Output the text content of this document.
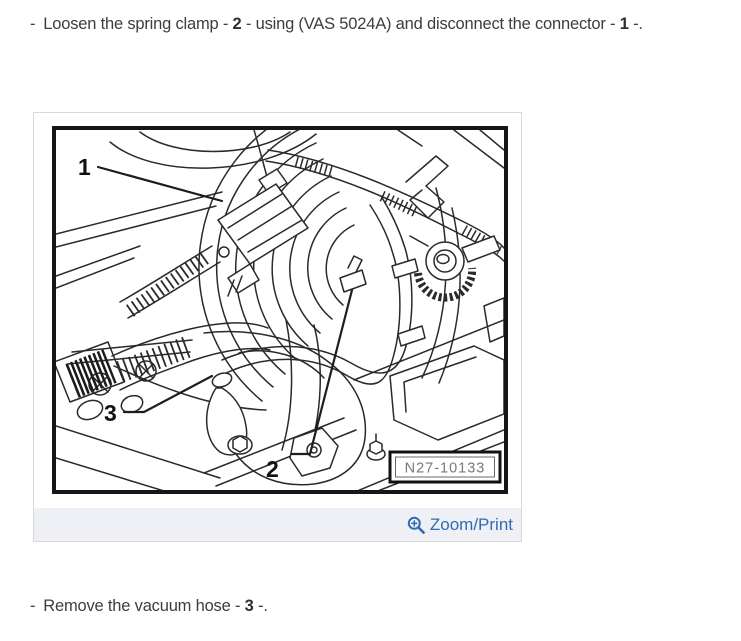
- Loosen the spring clamp - 2 - using (VAS 5024A) and disconnect the connector - 1 -.
N27-10133
1
3
2
Zoom/Print
- Remove the vacuum hose - 3 -.
